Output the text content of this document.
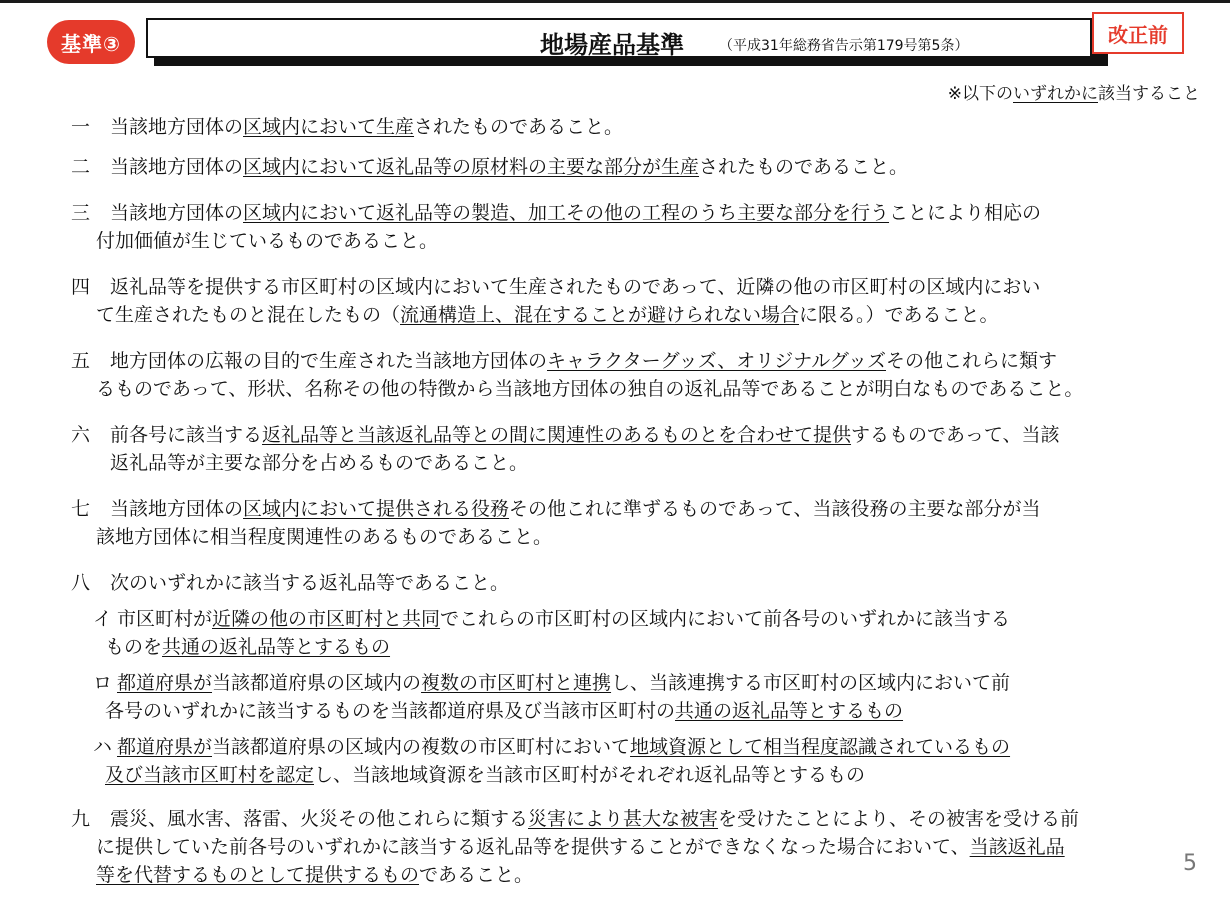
基準③	地場産品基準	（平成31年総務省告示第179号第5条）	改正前
※以下のいずれかに該当すること
一 当該地方団体の区域内において生産されたものであること。
二 当該地方団体の区域内において返礼品等の原材料の主要な部分が生産されたものであること。
三 当該地方団体の区域内において返礼品等の製造、加工その他の工程のうち主要な部分を行うことにより相応の
付加価値が生じているものであること。
四 返礼品等を提供する市区町村の区域内において生産されたものであって、近隣の他の市区町村の区域内におい
て生産されたものと混在したもの（流通構造上、混在することが避けられない場合に限る。）であること。
五 地方団体の広報の目的で生産された当該地方団体のキャラクターグッズ、オリジナルグッズその他これらに類す
るものであって、形状、名称その他の特徴から当該地方団体の独自の返礼品等であることが明白なものであること。
六 前各号に該当する返礼品等と当該返礼品等との間に関連性のあるものとを合わせて提供するものであって、当該
返礼品等が主要な部分を占めるものであること。
七 当該地方団体の区域内において提供される役務その他これに準ずるものであって、当該役務の主要な部分が当
該地方団体に相当程度関連性のあるものであること。
八 次のいずれかに該当する返礼品等であること。
イ 市区町村が近隣の他の市区町村と共同でこれらの市区町村の区域内において前各号のいずれかに該当する
ものを共通の返礼品等とするもの
ロ 都道府県が当該都道府県の区域内の複数の市区町村と連携し、当該連携する市区町村の区域内において前
各号のいずれかに該当するものを当該都道府県及び当該市区町村の共通の返礼品等とするもの
ハ 都道府県が当該都道府県の区域内の複数の市区町村において地域資源として相当程度認識されているもの
及び当該市区町村を認定し、当該地域資源を当該市区町村がそれぞれ返礼品等とするもの
九 震災、風水害、落雷、火災その他これらに類する災害により甚大な被害を受けたことにより、その被害を受ける前
に提供していた前各号のいずれかに該当する返礼品等を提供することができなくなった場合において、当該返礼品
等を代替するものとして提供するものであること。	5
